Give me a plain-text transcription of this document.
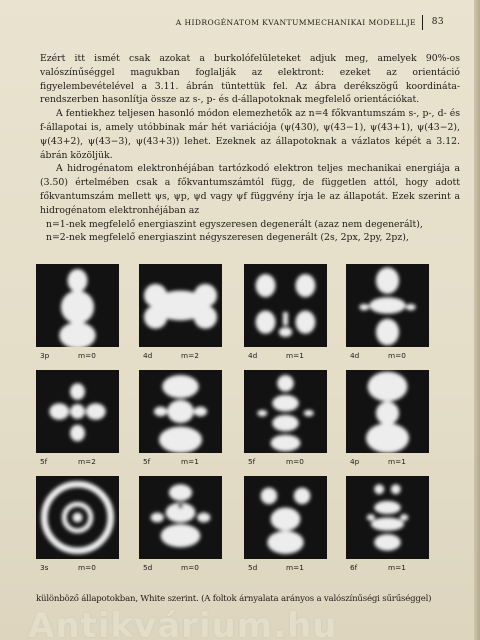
A HIDROGÉNATOM KVANTUMMECHANIKAI MODELLJE 83

Ezért itt ismét csak azokat a burkolófelületeket adjuk meg, amelyek 90%-os valószínűséggel magukban foglalják az elektront: ezeket az orientáció figyelembevételével a 3.11. ábrán tüntettük fel. Az ábra derékszögű koordináta-rendszerben hasonlítja össze az s-, p- és d-állapotoknak megfelelő orientációkat.

A fentiekhez teljesen hasonló módon elemezhetők az n=4 főkvantumszám s-, p-, d- és f-állapotai is, amely utóbbinak már hét variációja (ψ(430), ψ(43−1), ψ(43+1), ψ(43−2), ψ(43+2), ψ(43−3), ψ(43+3)) lehet. Ezeknek az állapotoknak a vázlatos képét a 3.12. ábrán közöljük.

A hidrogénatom elektronhéjában tartózkodó elektron teljes mechanikai energiája a (3.50) értelmében csak a főkvantumszámtól függ, de független attól, hogy adott főkvantumszám mellett ψs, ψp, ψd vagy ψf függvény írja le az állapotát. Ezek szerint a hidrogénatom elektronhéjában az

n=1-nek megfelelő energiaszint egyszeresen degenerált (azaz nem degenerált),

n=2-nek megfelelő energiaszint négyszeresen degenerált (2s, 2px, 2py, 2pz),

3p	m=0	4d	m=2	4d	m=1	4d	m=0
5f	m=2	5f	m=1	5f	m=0	4p	m=1
3s	m=0	5d	m=0	5d	m=1	6f	m=1
különböző állapotokban, White szerint. (A foltok árnyalata arányos a valószínűségi sűrűséggel)
Antikvárium.hu
